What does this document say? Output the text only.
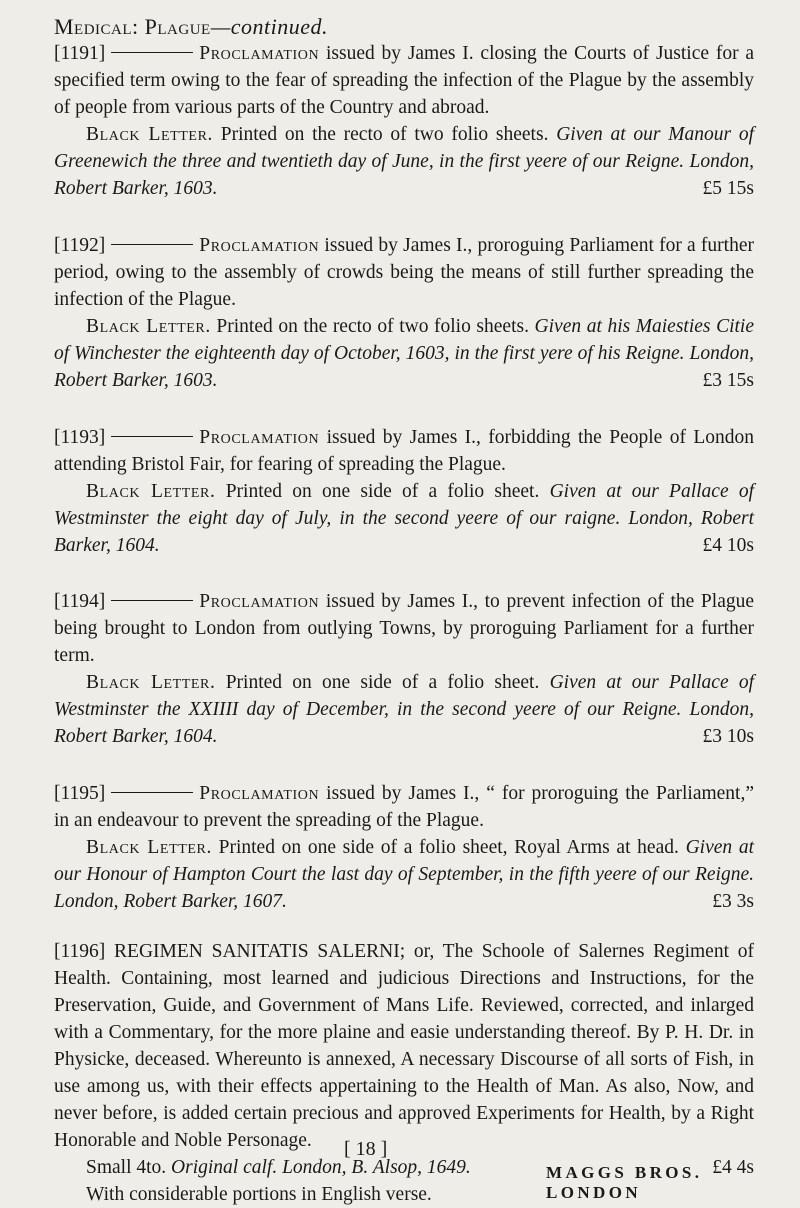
Medical: Plague—continued.

[1191]	Proclamation issued by James I. closing the Courts of Justice for a specified term owing to the fear of spreading the infection of the Plague by the assembly of people from various parts of the Country and abroad.

Black Letter. Printed on the recto of two folio sheets. Given at our Manour of Greenewich the three and twentieth day of June, in the first yeere of our Reigne. London, Robert Barker, 1603.	£5 15s

[1192]	Proclamation issued by James I., proroguing Parliament for a further period, owing to the assembly of crowds being the means of still further spreading the infection of the Plague.

Black Letter. Printed on the recto of two folio sheets. Given at his Maiesties Citie of Winchester the eighteenth day of October, 1603, in the first yere of his Reigne. London, Robert Barker, 1603.	£3 15s

[1193]	Proclamation issued by James I., forbidding the People of London attending Bristol Fair, for fearing of spreading the Plague.

Black Letter. Printed on one side of a folio sheet. Given at our Pallace of Westminster the eight day of July, in the second yeere of our raigne. London, Robert Barker, 1604.	£4 10s

[1194]	Proclamation issued by James I., to prevent infection of the Plague being brought to London from outlying Towns, by proroguing Parliament for a further term.

Black Letter. Printed on one side of a folio sheet. Given at our Pallace of Westminster the XXIIII day of December, in the second yeere of our Reigne. London, Robert Barker, 1604.	£3 10s

[1195]	Proclamation issued by James I., “ for proroguing the Parliament,” in an endeavour to prevent the spreading of the Plague.

Black Letter. Printed on one side of a folio sheet, Royal Arms at head. Given at our Honour of Hampton Court the last day of September, in the fifth yeere of our Reigne. London, Robert Barker, 1607.	£3 3s

[1196] REGIMEN SANITATIS SALERNI; or, The Schoole of Salernes Regiment of Health. Containing, most learned and judicious Directions and Instructions, for the Preservation, Guide, and Government of Mans Life. Reviewed, corrected, and inlarged with a Commentary, for the more plaine and easie understanding thereof. By P. H. Dr. in Physicke, deceased. Whereunto is annexed, A necessary Discourse of all sorts of Fish, in use among us, with their effects appertaining to the Health of Man. As also, Now, and never before, is added certain precious and approved Experiments for Health, by a Right Honorable and Noble Personage.

Small 4to. Original calf. London, B. Alsop, 1649.	£4 4s

With considerable portions in English verse.

[ 18 ]
MAGGS BROS. LONDON
